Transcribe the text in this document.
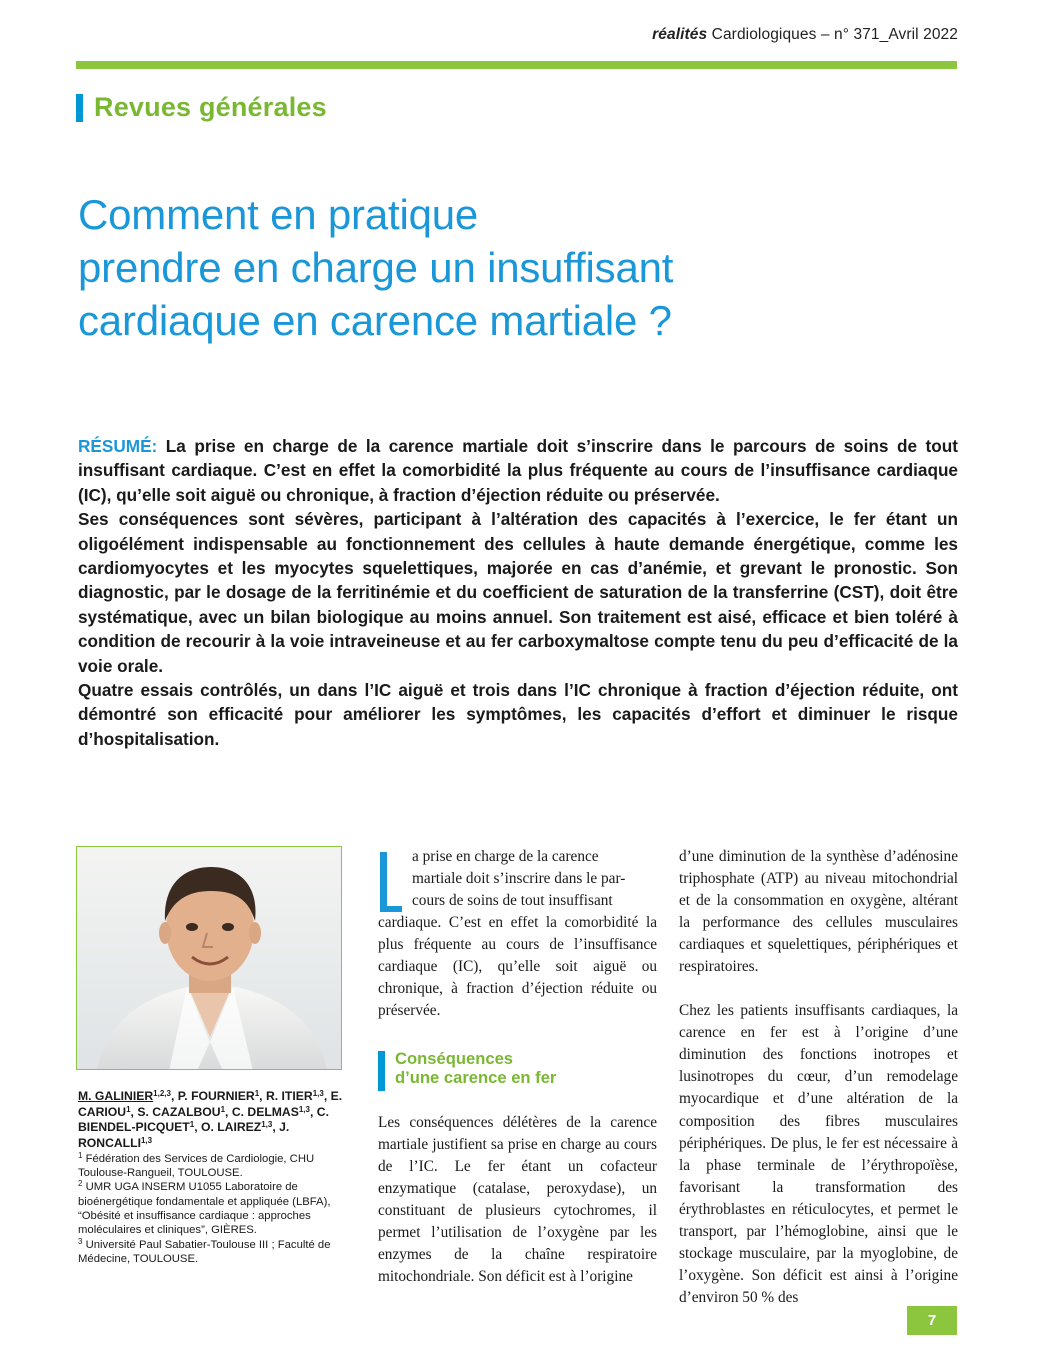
réalités Cardiologiques – n° 371_Avril 2022
Revues générales
Comment en pratique
prendre en charge un insuffisant
cardiaque en carence martiale ?

RÉSUMÉ: La prise en charge de la carence martiale doit s’inscrire dans le parcours de soins de tout insuffisant cardiaque. C’est en effet la comorbidité la plus fréquente au cours de l’insuffisance cardiaque (IC), qu’elle soit aiguë ou chronique, à fraction d’éjection réduite ou préservée.

Ses conséquences sont sévères, participant à l’altération des capacités à l’exercice, le fer étant un oligoélément indispensable au fonctionnement des cellules à haute demande énergétique, comme les cardiomyocytes et les myocytes squelettiques, majorée en cas d’anémie, et grevant le pronostic. Son diagnostic, par le dosage de la ferritinémie et du coefficient de saturation de la transferrine (CST), doit être systématique, avec un bilan biologique au moins annuel. Son traitement est aisé, efficace et bien toléré à condition de recourir à la voie intraveineuse et au fer carboxymaltose compte tenu du peu d’efficacité de la voie orale.

Quatre essais contrôlés, un dans l’IC aiguë et trois dans l’IC chronique à fraction d’éjection réduite, ont démontré son efficacité pour améliorer les symptômes, les capacités d’effort et diminuer le risque d’hospitalisation.

M. GALINIER$^{1,2,3}$, P. FOURNIER$^1$, R. ITIER$^{1,3}$, E. CARIOU$^1$, S. CAZALBOU$^1$, C. DELMAS$^{1,3}$, C. BIENDEL-PICQUET$^1$, O. LAIREZ$^{1,3}$, J. RONCALLI$^{1,3}$
$^1$ Fédération des Services de Cardiologie, CHU Toulouse-Rangueil, TOULOUSE.
$^2$ UMR UGA INSERM U1055 Laboratoire de bioénergétique fondamentale et appliquée (LBFA), “Obésité et insuffisance cardiaque : approches moléculaires et cliniques”, GIÈRES.
$^3$ Université Paul Sabatier-Toulouse III ; Faculté de Médecine, TOULOUSE.
a prise en charge de la carence
martiale doit s’inscrire dans le par-
cours de soins de tout insuffisant
cardiaque. C’est en effet la comorbidité la plus fréquente au cours de l’insuffisance cardiaque (IC), qu’elle soit aiguë ou chronique, à fraction d’éjection réduite ou préservée.
Conséquences
d’une carence en fer
Les conséquences délétères de la carence martiale justifient sa prise en charge au cours de l’IC. Le fer étant un cofacteur enzymatique (catalase, peroxydase), un constituant de plusieurs cytochromes, il permet l’utilisation de l’oxygène par les enzymes de la chaîne respiratoire mitochondriale. Son déficit est à l’origine
d’une diminution de la synthèse d’adénosine triphosphate (ATP) au niveau mitochondrial et de la consommation en oxygène, altérant la performance des cellules musculaires cardiaques et squelettiques, périphériques et respiratoires.
Chez les patients insuffisants cardiaques, la carence en fer est à l’origine d’une diminution des fonctions inotropes et lusinotropes du cœur, d’un remodelage myocardique et d’une altération de la composition des fibres musculaires périphériques. De plus, le fer est nécessaire à la phase terminale de l’érythropoïèse, favorisant la transformation des érythroblastes en réticulocytes, et permet le transport, par l’hémoglobine, ainsi que le stockage musculaire, par la myoglobine, de l’oxygène. Son déficit est ainsi à l’origine d’environ 50 % des
7
